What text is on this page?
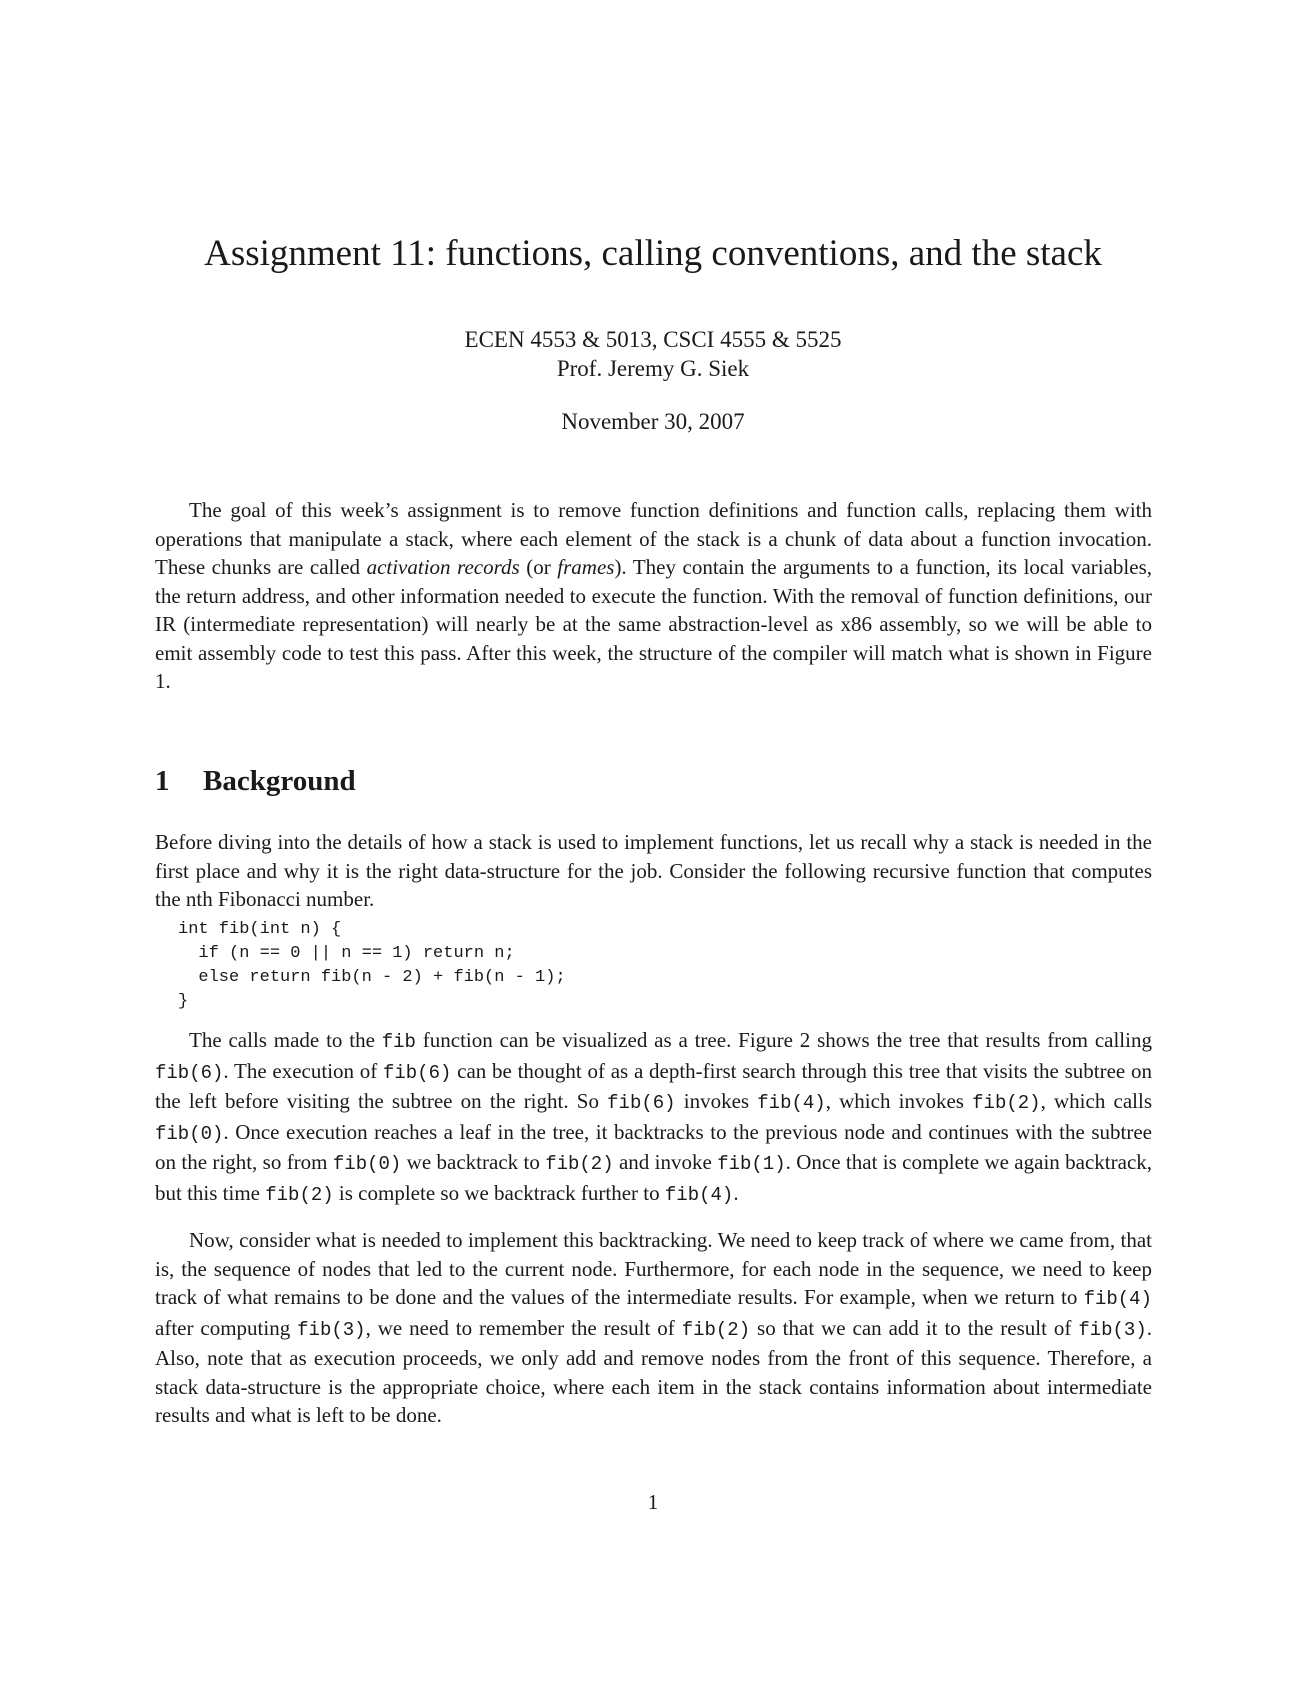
Assignment 11: functions, calling conventions, and the stack
ECEN 4553 & 5013, CSCI 4555 & 5525
Prof. Jeremy G. Siek
November 30, 2007

The goal of this week’s assignment is to remove function definitions and function calls, replacing them with operations that manipulate a stack, where each element of the stack is a chunk of data about a function invocation. These chunks are called activation records (or frames). They contain the arguments to a function, its local variables, the return address, and other information needed to execute the function. With the removal of function definitions, our IR (intermediate representation) will nearly be at the same abstraction-level as x86 assembly, so we will be able to emit assembly code to test this pass. After this week, the structure of the compiler will match what is shown in Figure 1.

1 Background

Before diving into the details of how a stack is used to implement functions, let us recall why a stack is needed in the first place and why it is the right data-structure for the job. Consider the following recursive function that computes the nth Fibonacci number.

int fib(int n) {
if (n == 0 || n == 1) return n;
else return fib(n - 2) + fib(n - 1);
}

The calls made to the fib function can be visualized as a tree. Figure 2 shows the tree that results from calling fib(6). The execution of fib(6) can be thought of as a depth-first search through this tree that visits the subtree on the left before visiting the subtree on the right. So fib(6) invokes fib(4), which invokes fib(2), which calls fib(0). Once execution reaches a leaf in the tree, it backtracks to the previous node and continues with the subtree on the right, so from fib(0) we backtrack to fib(2) and invoke fib(1). Once that is complete we again backtrack, but this time fib(2) is complete so we backtrack further to fib(4).

Now, consider what is needed to implement this backtracking. We need to keep track of where we came from, that is, the sequence of nodes that led to the current node. Furthermore, for each node in the sequence, we need to keep track of what remains to be done and the values of the intermediate results. For example, when we return to fib(4) after computing fib(3), we need to remember the result of fib(2) so that we can add it to the result of fib(3). Also, note that as execution proceeds, we only add and remove nodes from the front of this sequence. Therefore, a stack data-structure is the appropriate choice, where each item in the stack contains information about intermediate results and what is left to be done.

1
